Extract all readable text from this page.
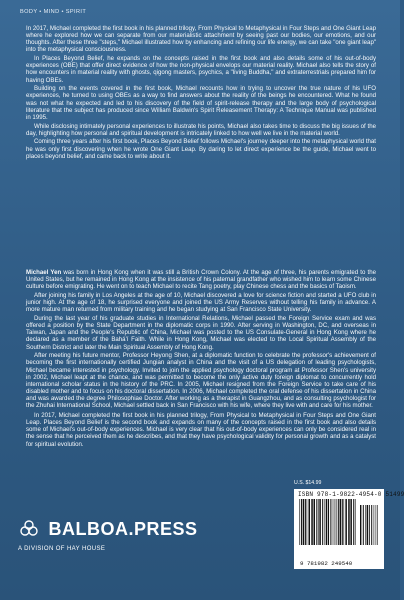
BODY • MIND • SPIRIT

In 2017, Michael completed the first book in his planned trilogy, From Physical to Metaphysical in Four Steps and One Giant Leap where he explored how we can separate from our materialistic attachment by seeing past our bodies, our emotions, and our thoughts. After these three "steps," Michael illustrated how by enhancing and refining our life energy, we can take "one giant leap" into the metaphysical consciousness.

In Places Beyond Belief, he expands on the concepts raised in the first book and also details some of his out-of-body experiences (OBE) that offer direct evidence of how the non-physical envelops our material reality. Michael also tells the story of how encounters in material reality with ghosts, qigong masters, psychics, a "living Buddha," and extraterrestrials prepared him for having OBEs.

Building on the events covered in the first book, Michael recounts how in trying to uncover the true nature of his UFO experiences, he turned to using OBEs as a way to find answers about the reality of the beings he encountered. What he found was not what he expected and led to his discovery of the field of spirit-release therapy and the large body of psychological literature that the subject has produced since William Baldwin's Spirit Releasement Therapy: A Technique Manual was published in 1995.

While disclosing intimately personal experiences to illustrate his points, Michael also takes time to discuss the big issues of the day, highlighting how personal and spiritual development is intricately linked to how well we live in the material world.

Coming three years after his first book, Places Beyond Belief follows Michael's journey deeper into the metaphysical world that he was only first discovering when he wrote One Giant Leap. By daring to let direct experience be the guide, Michael went to places beyond belief, and came back to write about it.

Michael Yen was born in Hong Kong when it was still a British Crown Colony. At the age of three, his parents emigrated to the United States, but he remained in Hong Kong at the insistence of his paternal grandfather who wished him to learn some Chinese culture before emigrating. He went on to teach Michael to recite Tang poetry, play Chinese chess and the basics of Taoism.

After joining his family in Los Angeles at the age of 10, Michael discovered a love for science fiction and started a UFO club in junior high. At the age of 18, he surprised everyone and joined the US Army Reserves without telling his family in advance. A more mature man returned from military training and he began studying at San Francisco State University.

During the last year of his graduate studies in International Relations, Michael passed the Foreign Service exam and was offered a position by the State Department in the diplomatic corps in 1990. After serving in Washington, DC, and overseas in Taiwan, Japan and the People's Republic of China, Michael was posted to the US Consulate-General in Hong Kong where he declared as a member of the Bahá'í Faith. While in Hong Kong, Michael was elected to the Local Spiritual Assembly of the Southern District and later the Main Spiritual Assembly of Hong Kong.

After meeting his future mentor, Professor Heyong Shen, at a diplomatic function to celebrate the professor's achievement of becoming the first internationally certified Jungian analyst in China and the visit of a US delegation of leading psychologists, Michael became interested in psychology. Invited to join the applied psychology doctoral program at Professor Shen's university in 2002, Michael leapt at the chance, and was permitted to become the only active duty foreign diplomat to concurrently hold international scholar status in the history of the PRC. In 2005, Michael resigned from the Foreign Service to take care of his disabled mother and to focus on his doctoral dissertation. In 2006, Michael completed the oral defense of his dissertation in China and was awarded the degree Philosophiae Doctor. After working as a therapist in Guangzhou, and as consulting psychologist for the Zhuhai International School, Michael settled back in San Francisco with his wife, where they live with and care for his mother.

In 2017, Michael completed the first book in his planned trilogy, From Physical to Metaphysical in Four Steps and One Giant Leap. Places Beyond Belief is the second book and expands on many of the concepts raised in the first book and also details some of Michael's out-of-body experiences. Michael is very clear that his out-of-body experiences can only be considered real in the sense that he perceived them as he describes, and that they have psychological validity for personal growth and as a catalyst for spiritual evolution.

U.S. $14.99
ISBN 978-1-9822-4954-0 51499
9 781982 249540
BALBOA.PRESS
A DIVISION OF HAY HOUSE
